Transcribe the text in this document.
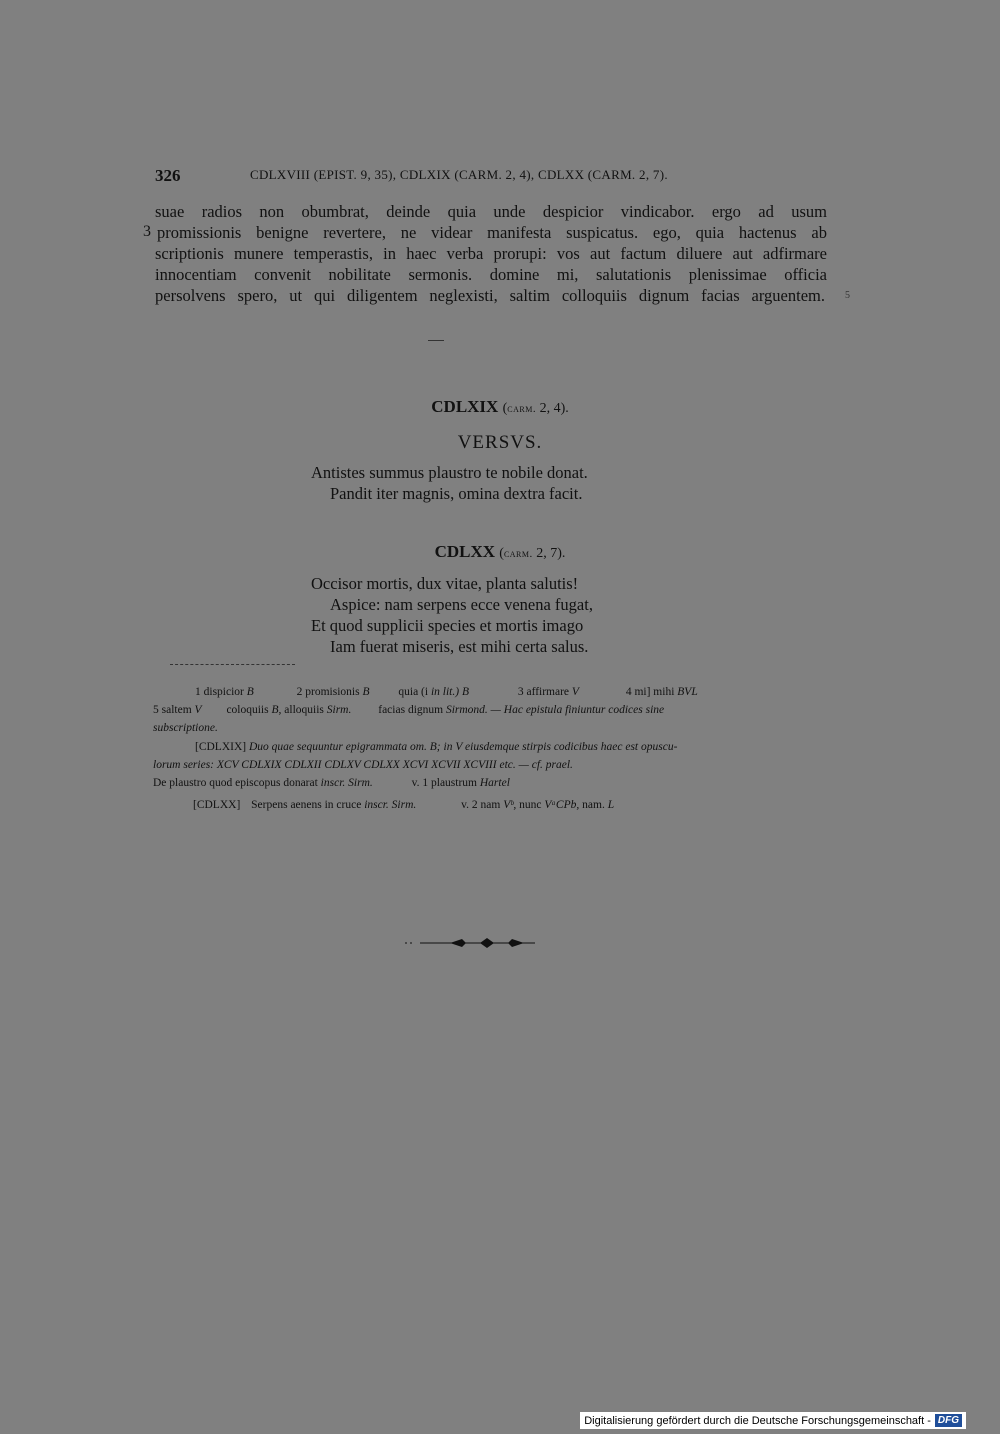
326	CDLXVIII (EPIST. 9, 35), CDLXIX (CARM. 2, 4), CDLXX (CARM. 2, 7).
suae radios non obumbrat, deinde quia unde despicior vindicabor. ergo ad usum
3 promissionis benigne revertere, ne videar manifesta suspicatus. ego, quia hactenus ab
scriptionis munere temperastis, in haec verba prorupi: vos aut factum diluere aut adfirmare
innocentiam convenit nobilitate sermonis. domine mi, salutationis plenissimae officia
persolvens spero, ut qui diligentem neglexisti, saltim colloquiis dignum facias arguentem. 5
CDLXIX (carm. 2, 4).
VERSVS.
Antistes summus plaustro te nobile donat.
Pandit iter magnis, omina dextra facit.
CDLXX (carm. 2, 7).
Occisor mortis, dux vitae, planta salutis!
Aspice: nam serpens ecce venena fugat,
Et quod supplicii species et mortis imago
Iam fuerat miseris, est mihi certa salus.
1 dispicior B	2 promisionis B	quia (i in lit.) B	3 affirmare V	4 mi] mihi BVL
5 saltem V coloquiis B, alloquiis Sirm. facias dignum Sirmond. — Hac epistula finiuntur codices sine
subscriptione.
[CDLXIX] Duo quae sequuntur epigrammata om. B; in V eiusdemque stirpis codicibus haec est opuscu-
lorum series: XCV CDLXIX CDLXII CDLXV CDLXX XCVI XCVII XCVIII etc. — cf. prael.
De plaustro quod episcopus donarat inscr. Sirm.	v. 1 plaustrum Hartel
[CDLXX] Serpens aenens in cruce inscr. Sirm.	v. 2 nam Vᵇ, nunc VᵃCPb, nam. L
Digitalisierung gefördert durch die Deutsche Forschungsgemeinschaft - DFG
